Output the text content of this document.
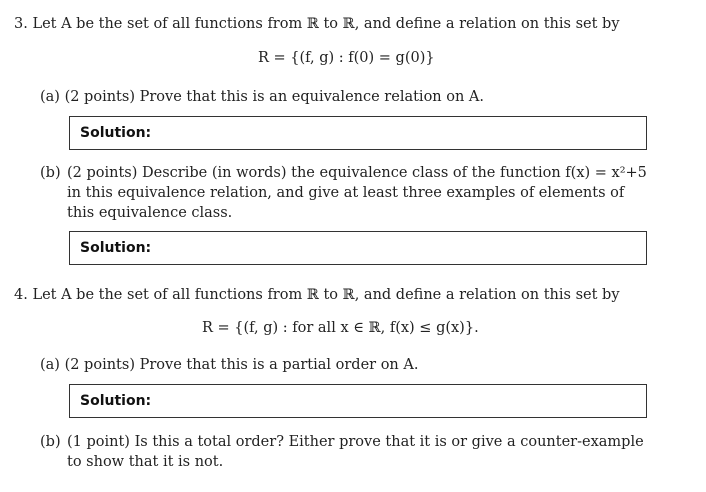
3. Let A be the set of all functions from ℝ to ℝ, and define a relation on this set by
R = {(f, g) : f(0) = g(0)}
(a) (2 points) Prove that this is an equivalence relation on A.
Solution:
(b) (2 points) Describe (in words) the equivalence class of the function f(x) = x²+5 in this equivalence relation, and give at least three examples of elements of this equivalence class.
Solution:
4. Let A be the set of all functions from ℝ to ℝ, and define a relation on this set by
R = {(f, g) : for all x ∈ ℝ, f(x) ≤ g(x)}.
(a) (2 points) Prove that this is a partial order on A.
Solution:
(b) (1 point) Is this a total order? Either prove that it is or give a counter-example to show that it is not.
